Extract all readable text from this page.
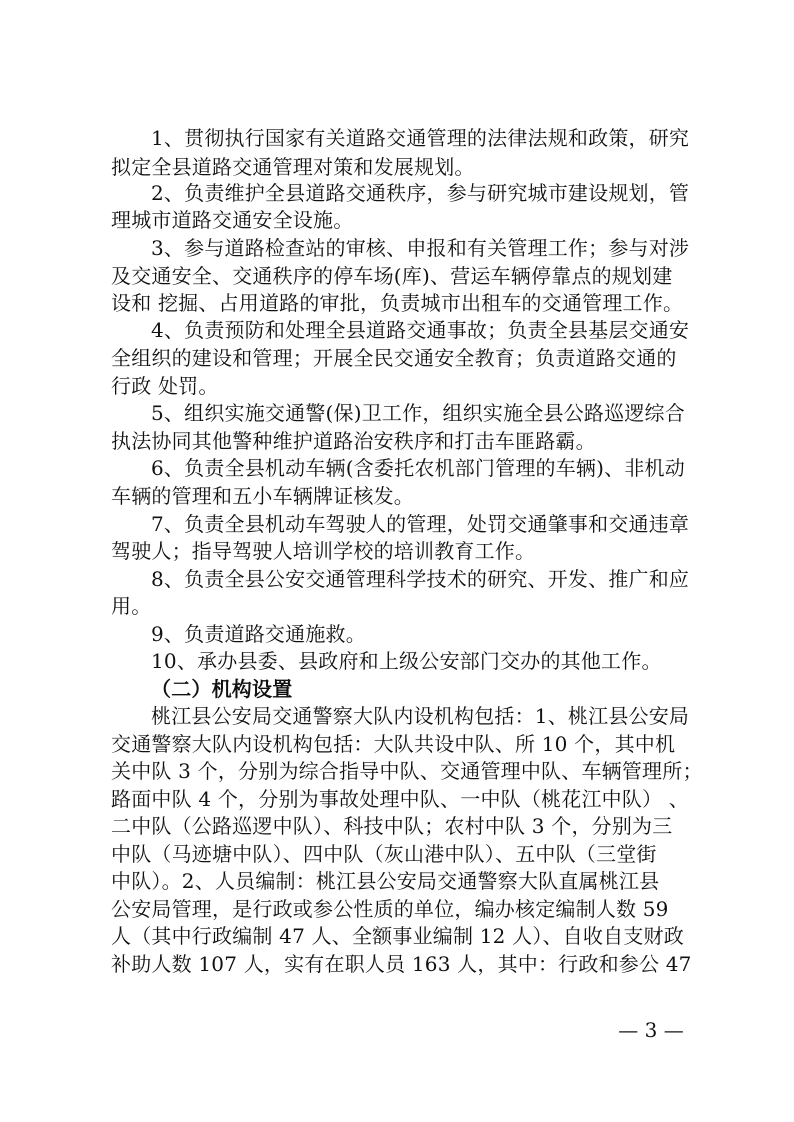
1、贯彻执行国家有关道路交通管理的法律法规和政策，研究
拟定全县道路交通管理对策和发展规划。
2、负责维护全县道路交通秩序，参与研究城市建设规划，管
理城市道路交通安全设施。
3、参与道路检查站的审核、申报和有关管理工作；参与对涉
及交通安全、交通秩序的停车场(库)、营运车辆停靠点的规划建
设和 挖掘、占用道路的审批，负责城市出租车的交通管理工作。
4、负责预防和处理全县道路交通事故；负责全县基层交通安
全组织的建设和管理；开展全民交通安全教育；负责道路交通的
行政 处罚。
5、组织实施交通警(保)卫工作，组织实施全县公路巡逻综合
执法协同其他警种维护道路治安秩序和打击车匪路霸。
6、负责全县机动车辆(含委托农机部门管理的车辆)、非机动
车辆的管理和五小车辆牌证核发。
7、负责全县机动车驾驶人的管理，处罚交通肇事和交通违章
驾驶人；指导驾驶人培训学校的培训教育工作。
8、负责全县公安交通管理科学技术的研究、开发、推广和应
用。
9、负责道路交通施救。
10、承办县委、县政府和上级公安部门交办的其他工作。
（二）机构设置
桃江县公安局交通警察大队内设机构包括：1、桃江县公安局
交通警察大队内设机构包括：大队共设中队、所 10 个，其中机
关中队 3 个，分别为综合指导中队、交通管理中队、车辆管理所；
路面中队 4 个，分别为事故处理中队、一中队（桃花江中队） 、
二中队（公路巡逻中队）、科技中队；农村中队 3 个，分别为三
中队（马迹塘中队）、四中队（灰山港中队）、五中队（三堂街
中队）。2、人员编制：桃江县公安局交通警察大队直属桃江县
公安局管理，是行政或参公性质的单位，编办核定编制人数 59
人（其中行政编制 47 人、全额事业编制 12 人）、自收自支财政
补助人数 107 人，实有在职人员 163 人，其中：行政和参公 47
— 3 —
